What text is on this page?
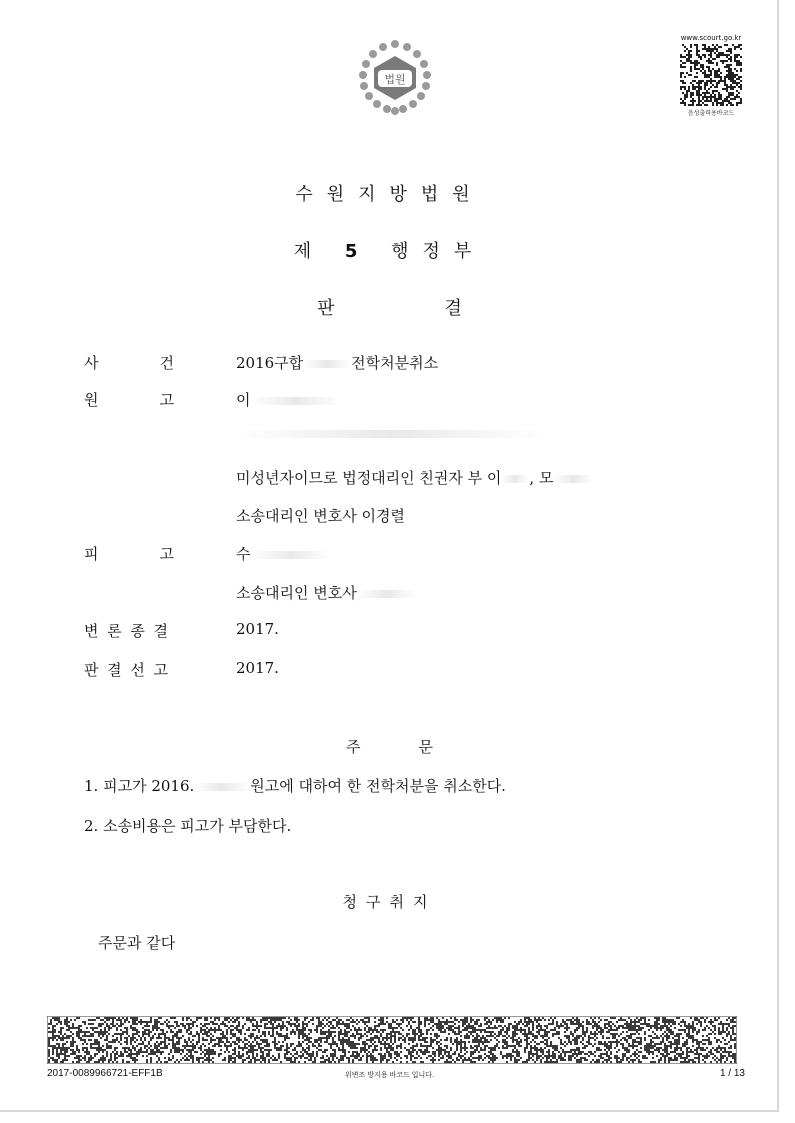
법원
www.scourt.go.kr
음성출력용바코드
수원지방법원
제 5 행정부
판	결
사	건	2016구합	전학처분취소
원	고	이
미성년자이므로 법정대리인 친권자 부 이 , 모
소송대리인 변호사 이경렬
피	고	수
소송대리인 변호사
변 론 종 결	2017.
판 결 선 고	2017.
주	문
1. 피고가 2016.	원고에 대하여 한 전학처분을 취소한다.
2. 소송비용은 피고가 부담한다.
청구취지
주문과 같다
2017-0089966721-EFF1B	위변조 방지용 바코드 입니다.	1 / 13
